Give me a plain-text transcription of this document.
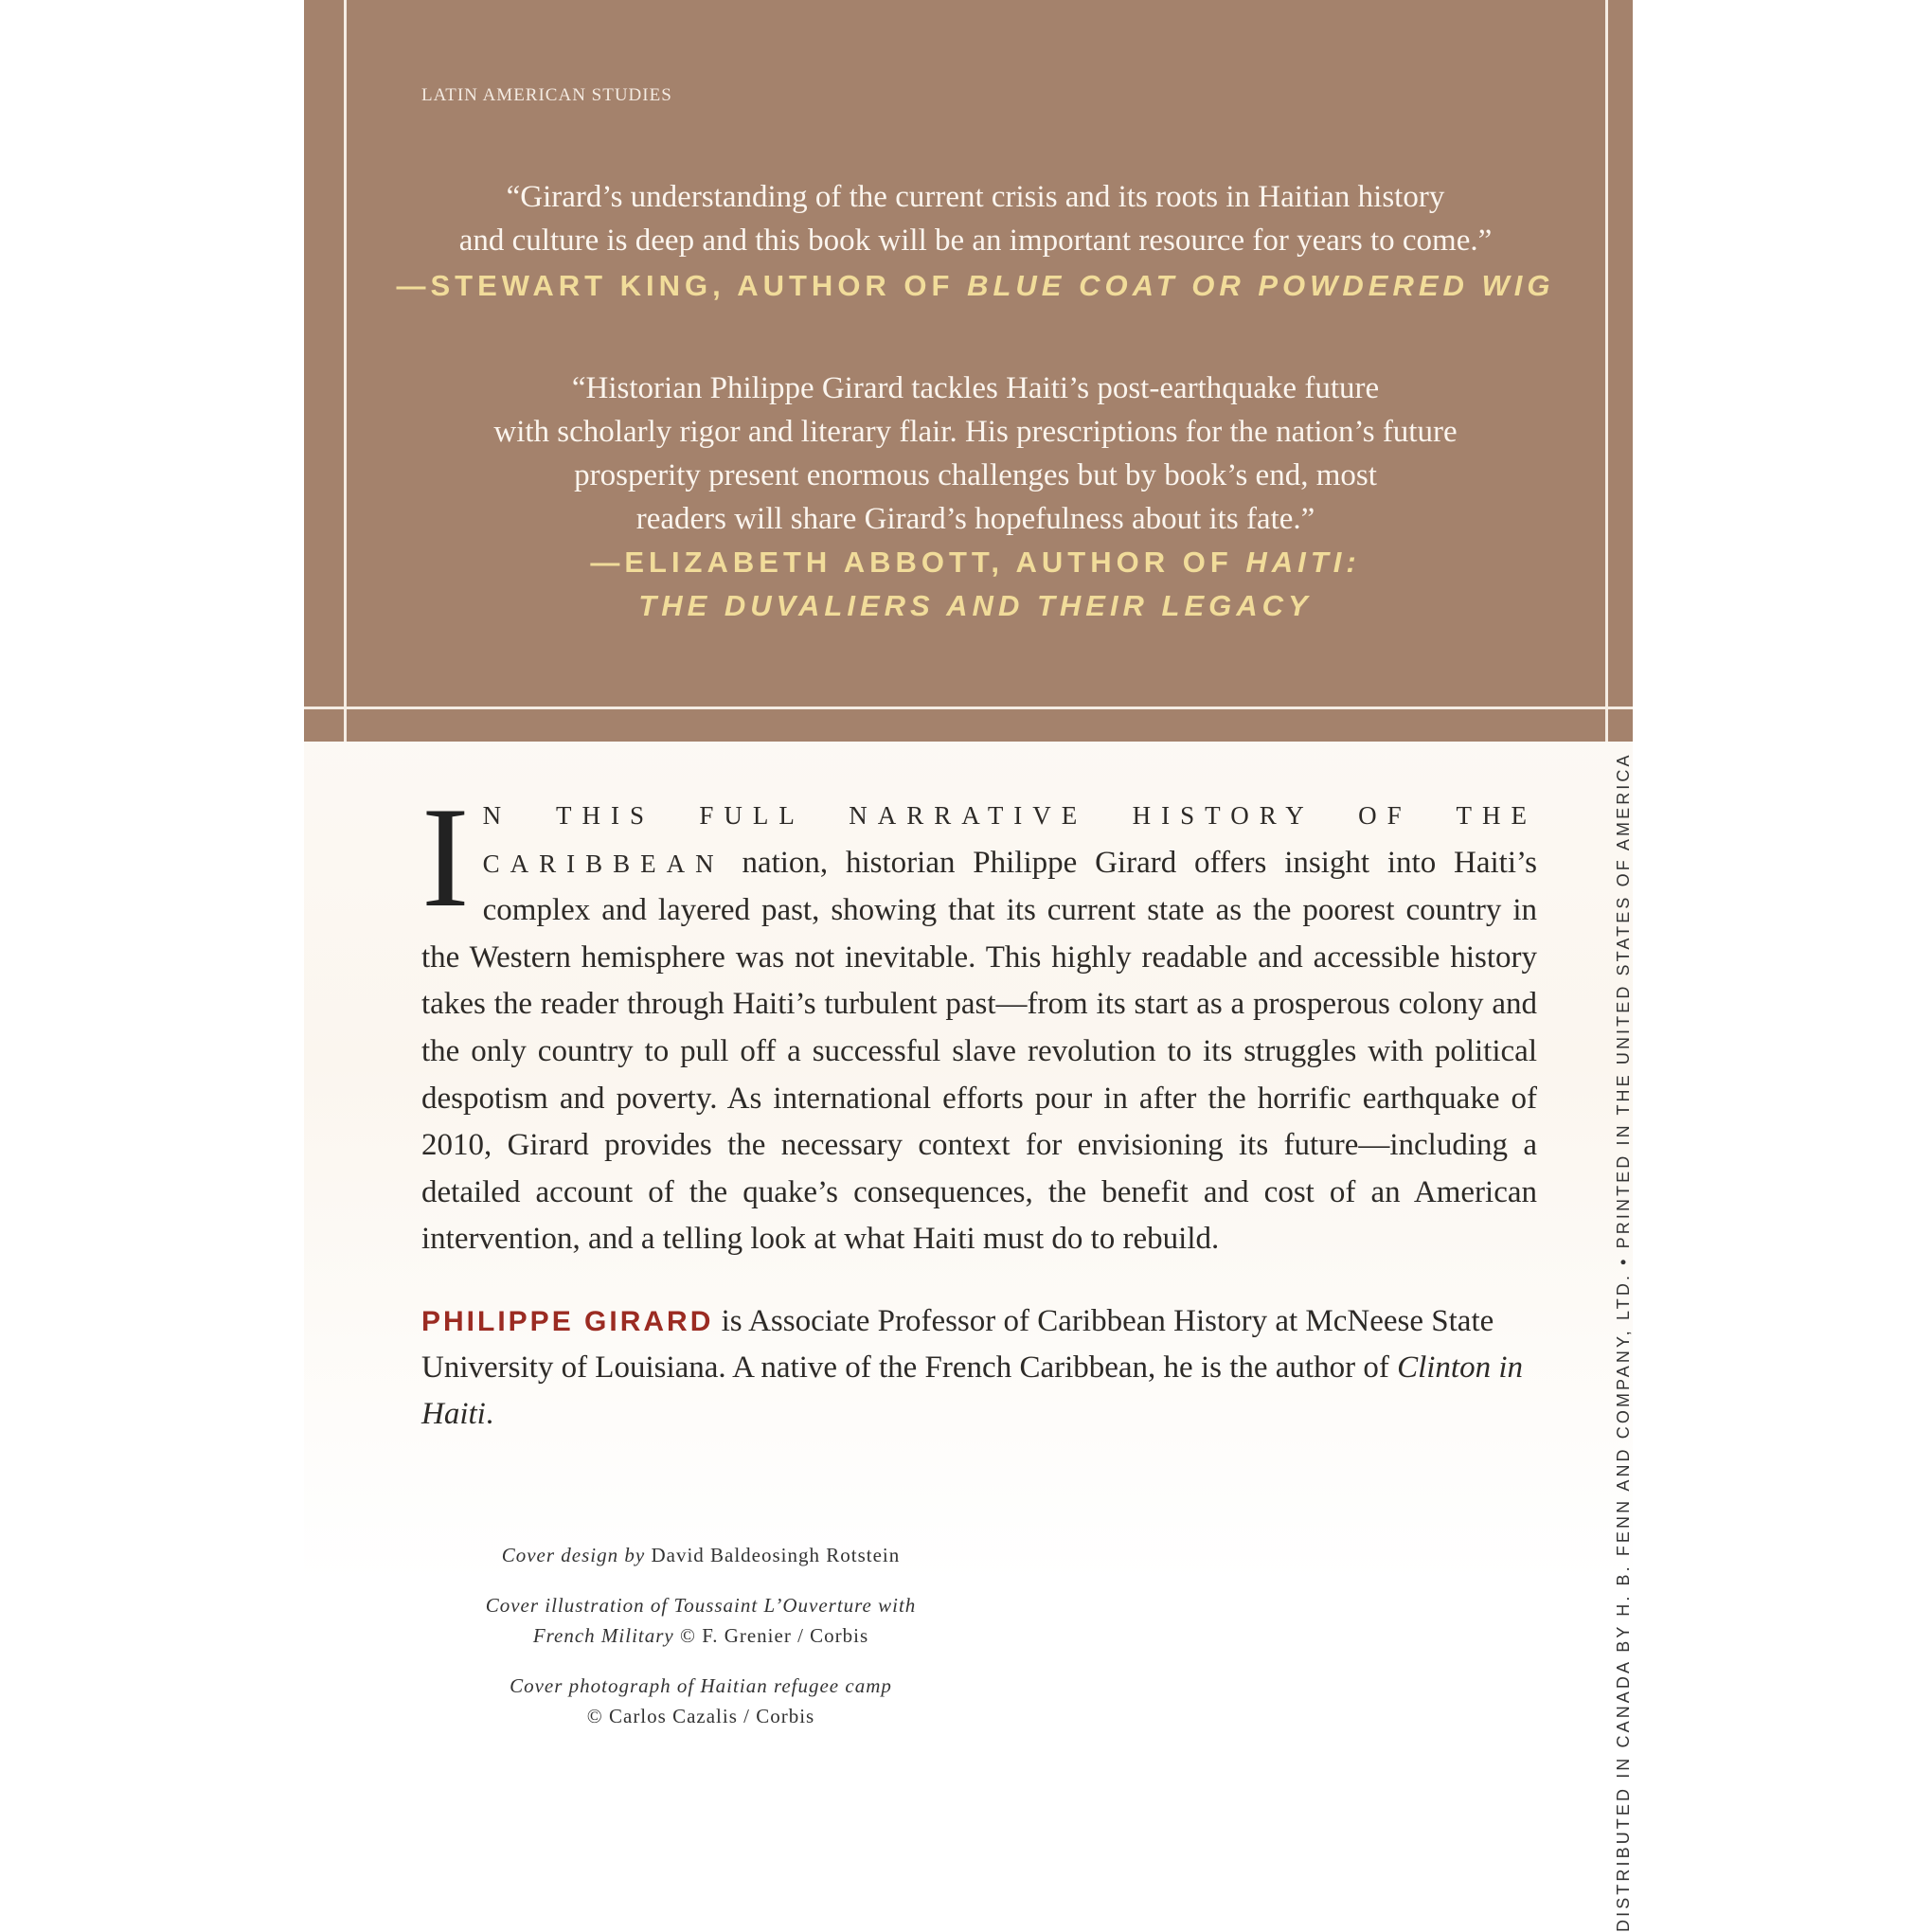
LATIN AMERICAN STUDIES

“Girard’s understanding of the current crisis and its roots in Haitian history

and culture is deep and this book will be an important resource for years to come.”

—STEWART KING, AUTHOR OF BLUE COAT OR POWDERED WIG

“Historian Philippe Girard tackles Haiti’s post-earthquake future

with scholarly rigor and literary flair. His prescriptions for the nation’s future

prosperity present enormous challenges but by book’s end, most

readers will share Girard’s hopefulness about its fate.”

—ELIZABETH ABBOTT, AUTHOR OF HAITI:

THE DUVALIERS AND THEIR LEGACY

I N THIS FULL NARRATIVE HISTORY OF THE CARIBBEAN nation, historian Philippe Girard offers insight into Haiti’s complex and layered past, showing that its current state as the poorest country in the Western hemisphere was not inevitable. This highly readable and accessible history takes the reader through Haiti’s turbulent past—from its start as a prosperous colony and the only country to pull off a successful slave revolution to its struggles with political despotism and poverty. As international efforts pour in after the horrific earthquake of 2010, Girard provides the necessary context for envisioning its future—including a detailed account of the quake’s consequences, the benefit and cost of an American intervention, and a telling look at what Haiti must do to rebuild.

PHILIPPE GIRARD is Associate Professor of Caribbean History at McNeese State University of Louisiana. A native of the French Caribbean, he is the author of Clinton in Haiti.
Cover design by David Baldeosingh Rotstein
Cover illustration of Toussaint L’Ouverture with
French Military © F. Grenier / Corbis
Cover photograph of Haitian refugee camp
© Carlos Cazalis / Corbis	DISTRIBUTED IN CANADA BY H. B. FENN AND COMPANY, LTD. • PRINTED IN THE UNITED STATES OF AMERICA
